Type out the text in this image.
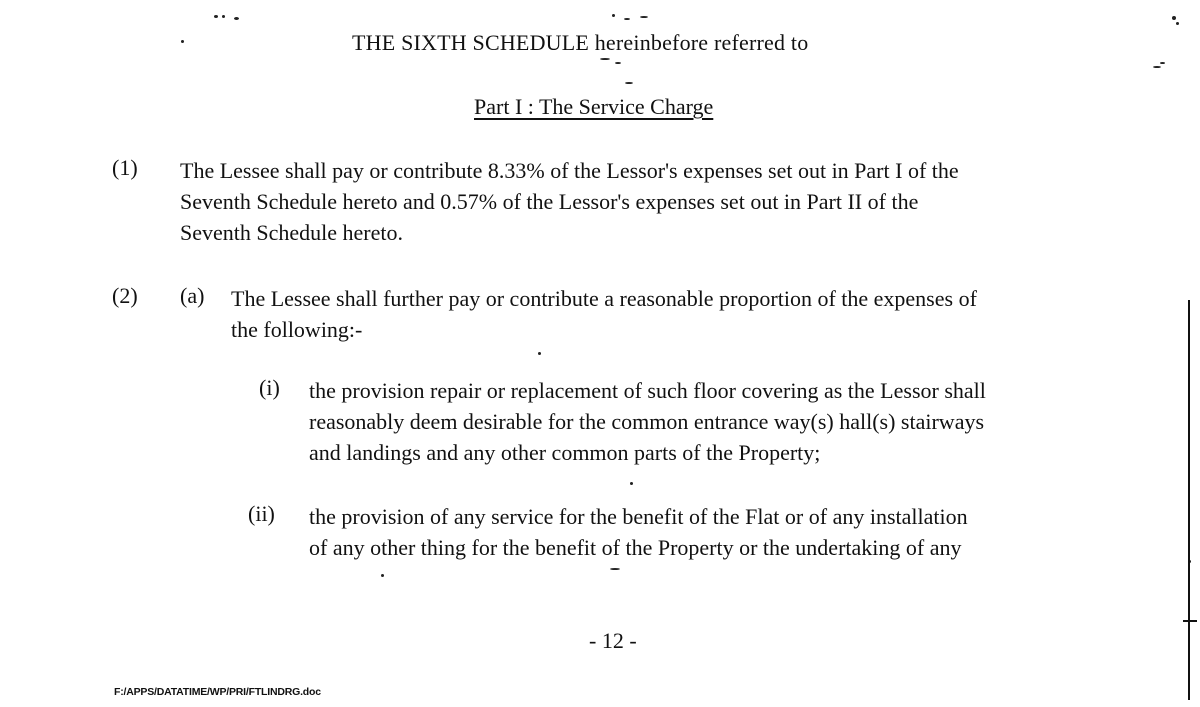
THE SIXTH SCHEDULE hereinbefore referred to
Part I : The Service Charge
(1) The Lessee shall pay or contribute 8.33% of the Lessor's expenses set out in Part I of the
Seventh Schedule hereto and 0.57% of the Lessor's expenses set out in Part II of the
Seventh Schedule hereto.
(2) (a) The Lessee shall further pay or contribute a reasonable proportion of the expenses of
the following:-
(i) the provision repair or replacement of such floor covering as the Lessor shall
reasonably deem desirable for the common entrance way(s) hall(s) stairways
and landings and any other common parts of the Property;
(ii) the provision of any service for the benefit of the Flat or of any installation
of any other thing for the benefit of the Property or the undertaking of any
- 12 -
F:/APPS/DATATIME/WP/PRI/FTLINDRG.doc
